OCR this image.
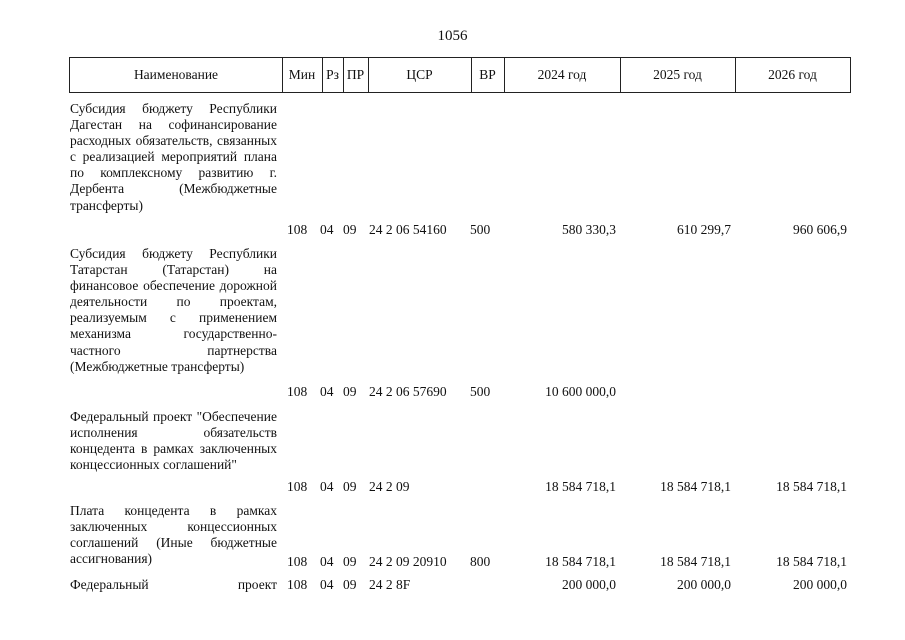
1056
Наименование	Мин Рз ПР	ЦСР	ВР	2024 год	2025 год	2026 год
Субсидия бюджету Республики Дагестан на софинансирование расходных обязательств, связанных с реализацией мероприятий плана по комплексному развитию г. Дербента (Межбюджетные трансферты)
108 04 09 24 2 06 54160 500	580 330,3	610 299,7	960 606,9
Субсидия бюджету Республики Татарстан (Татарстан) на финансовое обеспечение дорожной деятельности по проектам, реализуемым с применением механизма государственно-частного партнерства (Межбюджетные трансферты)
108 04 09 24 2 06 57690 500	10 600 000,0
Федеральный проект "Обеспечение исполнения обязательств концедента в рамках заключенных концессионных соглашений"
108 04 09 24 2 09	18 584 718,1	18 584 718,1	18 584 718,1
Плата концедента в рамках заключенных концессионных соглашений (Иные бюджетные ассигнования)	108 04 09 24 2 09 20910 800	18 584 718,1	18 584 718,1	18 584 718,1
Федеральный проект 108 04 09 24 2 8F	200 000,0	200 000,0	200 000,0
